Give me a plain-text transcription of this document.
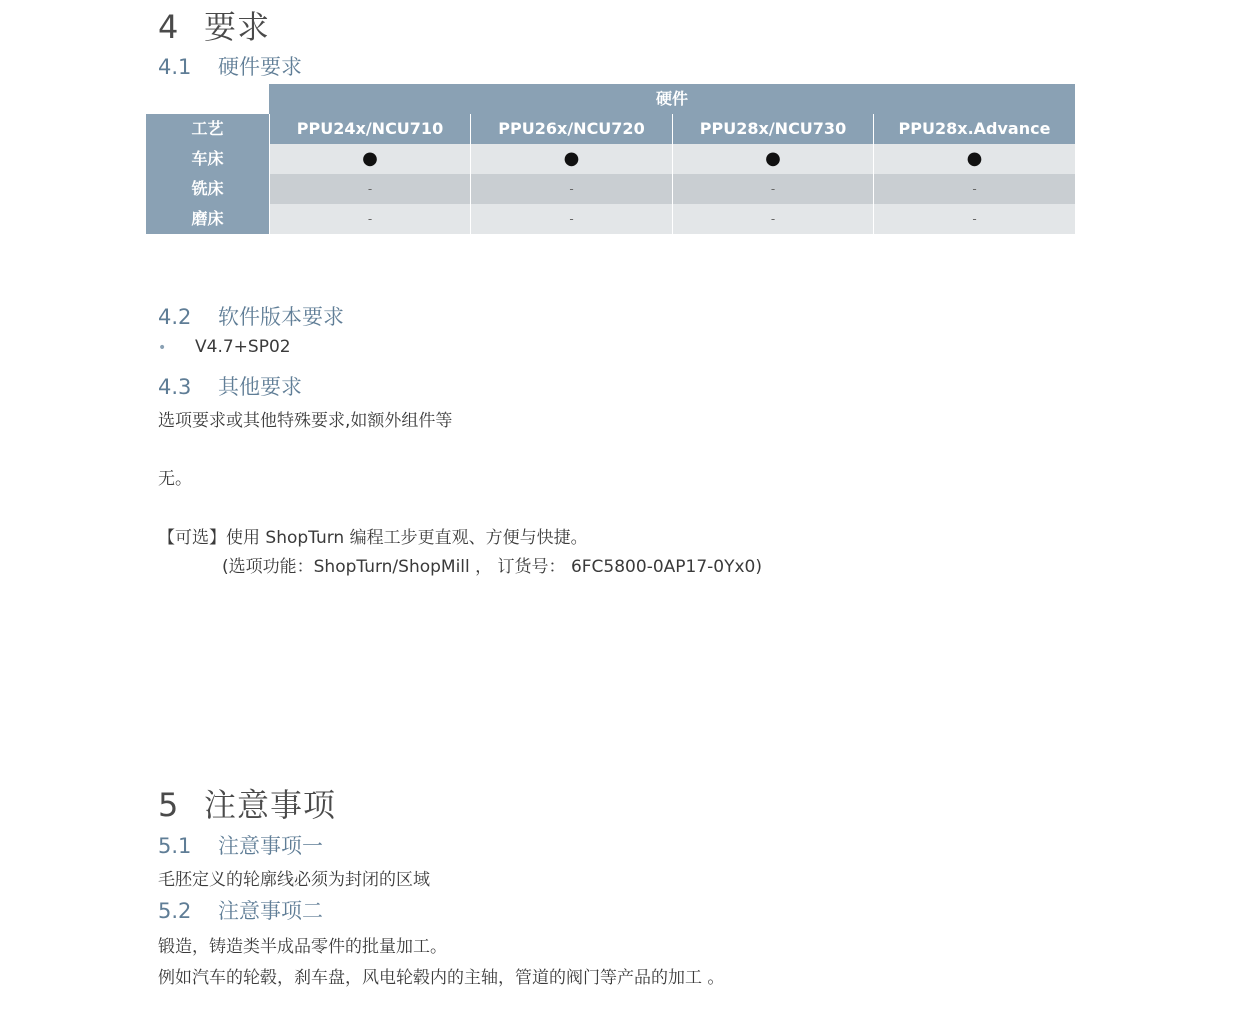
4 要求
4.1 硬件要求
硬件
工艺	PPU24x/NCU710	PPU26x/NCU720	PPU28x/NCU730	PPU28x.Advance
车床	●	●	●	●
铣床	-	-	-	-
磨床	-	-	-	-
4.2 软件版本要求
• V4.7+SP02
4.3 其他要求
选项要求或其他特殊要求,如额外组件等
无。
【可选】使用 ShopTurn 编程工步更直观、方便与快捷。
(选项功能：ShopTurn/ShopMill ， 订货号： 6FC5800-0AP17-0Yx0)
5 注意事项
5.1 注意事项一
毛胚定义的轮廓线必须为封闭的区域
5.2 注意事项二
锻造，铸造类半成品零件的批量加工。
例如汽车的轮毂，刹车盘，风电轮毂内的主轴，管道的阀门等产品的加工 。
